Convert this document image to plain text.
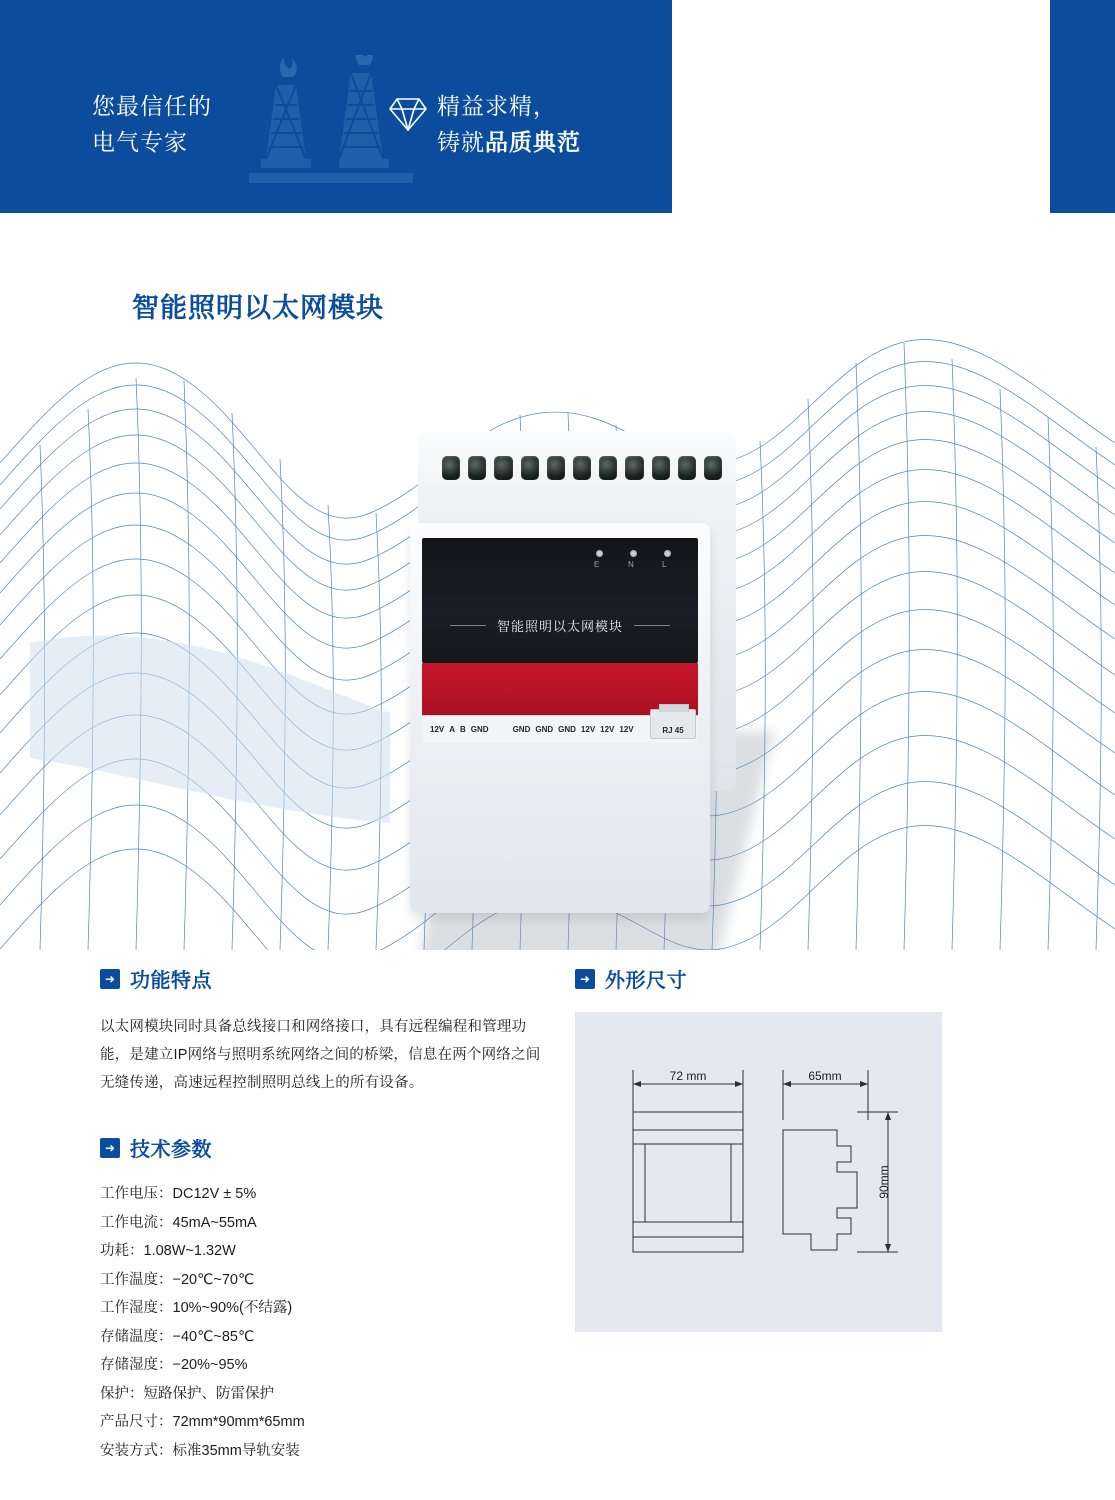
您最信任的
电气专家
精益求精，
铸就品质典范
智能照明以太网模块
E	N	L
智能照明以太网模块
12V A B GND	GND GND GND 12V 12V 12V	RJ 45
➜ 功能特点
以太网模块同时具备总线接口和网络接口，具有远程编程和管理功能，是建立IP网络与照明系统网络之间的桥梁，信息在两个网络之间无缝传递，高速远程控制照明总线上的所有设备。
➜ 技术参数
工作电压：DC12V ± 5%
工作电流：45mA~55mA
功耗：1.08W~1.32W
工作温度：−20℃~70℃
工作湿度：10%~90%(不结露)
存储温度：−40℃~85℃
存储湿度：−20%~95%
保护：短路保护、防雷保护
产品尺寸：72mm*90mm*65mm
安装方式：标准35mm导轨安装
➜ 外形尺寸
72 mm	65mm
90mm
